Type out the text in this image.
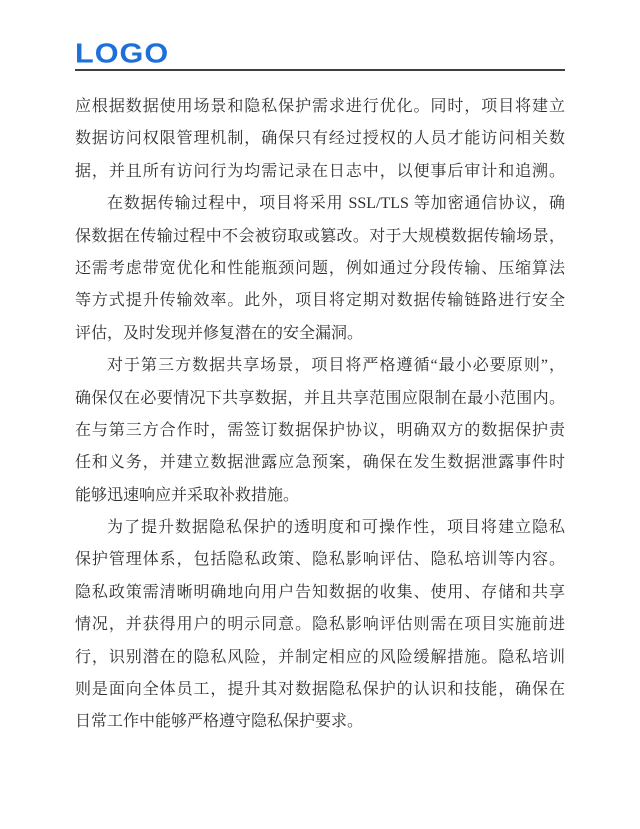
LOGO
应根据数据使用场景和隐私保护需求进行优化。同时，项目将建立
数据访问权限管理机制，确保只有经过授权的人员才能访问相关数
据，并且所有访问行为均需记录在日志中，以便事后审计和追溯。
在数据传输过程中，项目将采用 SSL/TLS 等加密通信协议，确
保数据在传输过程中不会被窃取或篡改。对于大规模数据传输场景，
还需考虑带宽优化和性能瓶颈问题，例如通过分段传输、压缩算法
等方式提升传输效率。此外，项目将定期对数据传输链路进行安全
评估，及时发现并修复潜在的安全漏洞。
对于第三方数据共享场景，项目将严格遵循“最小必要原则”，
确保仅在必要情况下共享数据，并且共享范围应限制在最小范围内。
在与第三方合作时，需签订数据保护协议，明确双方的数据保护责
任和义务，并建立数据泄露应急预案，确保在发生数据泄露事件时
能够迅速响应并采取补救措施。
为了提升数据隐私保护的透明度和可操作性，项目将建立隐私
保护管理体系，包括隐私政策、隐私影响评估、隐私培训等内容。
隐私政策需清晰明确地向用户告知数据的收集、使用、存储和共享
情况，并获得用户的明示同意。隐私影响评估则需在项目实施前进
行，识别潜在的隐私风险，并制定相应的风险缓解措施。隐私培训
则是面向全体员工，提升其对数据隐私保护的认识和技能，确保在
日常工作中能够严格遵守隐私保护要求。
